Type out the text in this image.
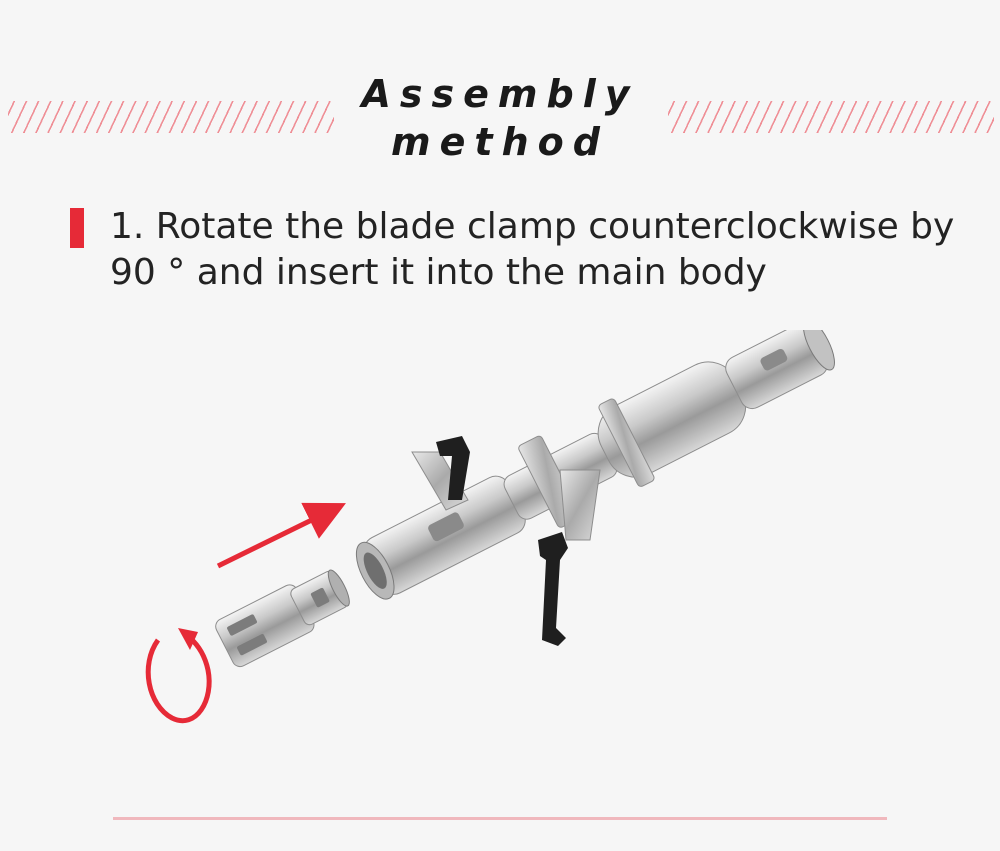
Assembly
method
1. Rotate the blade clamp counterclockwise by
90 ° and insert it into the main body
